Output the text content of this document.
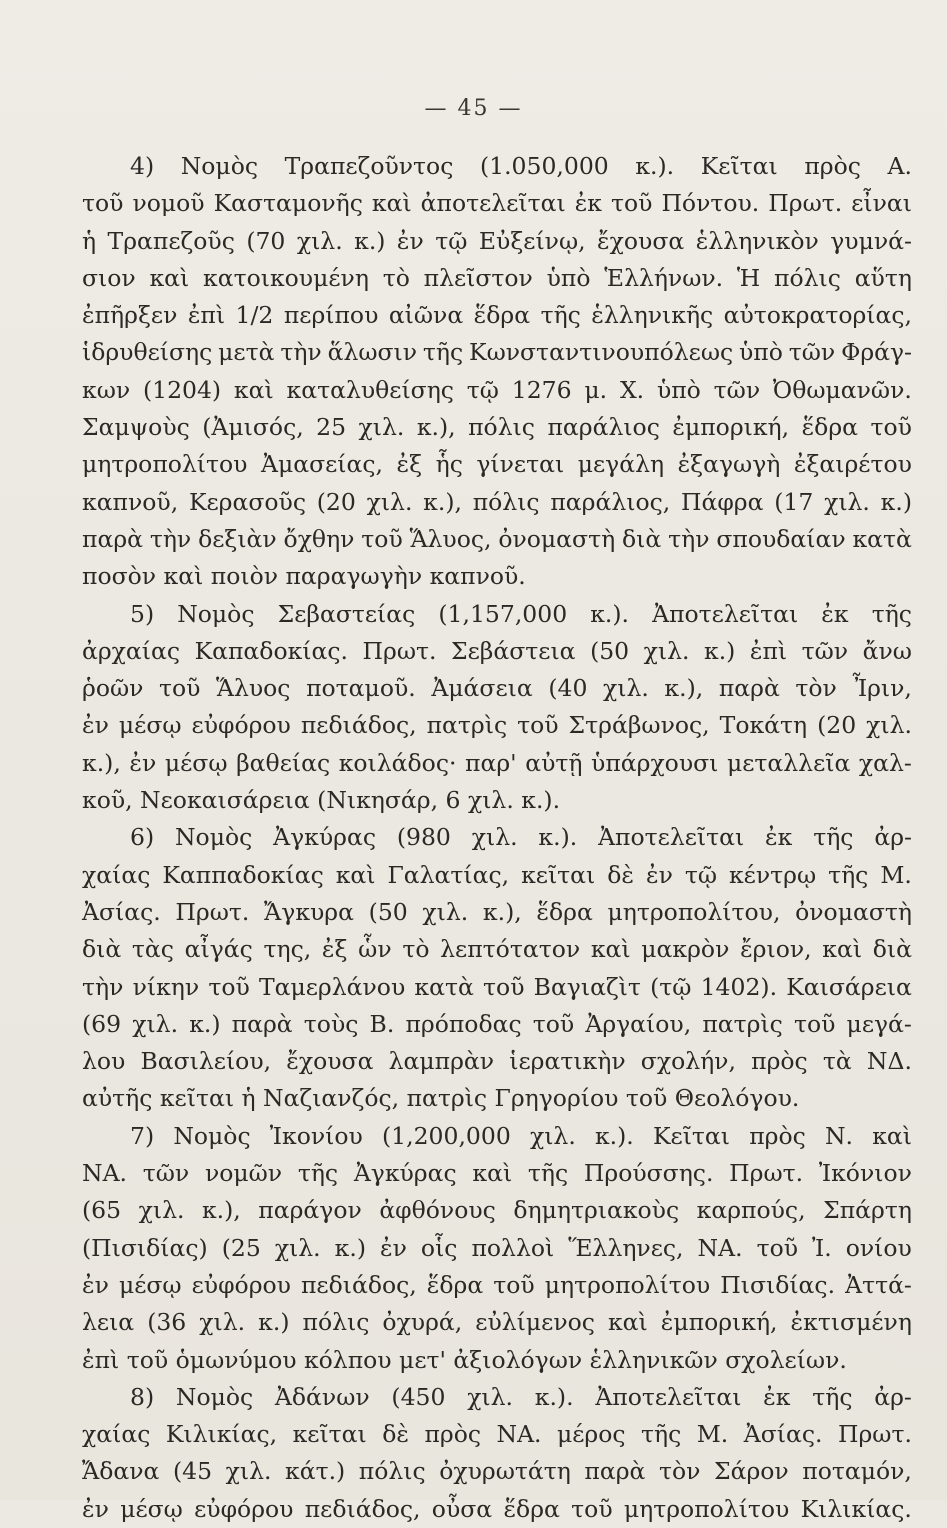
— 45 —
4) Νομὸς Τραπεζοῦντος (1.050,000 κ.). Κεῖται πρὸς Α.
τοῦ νομοῦ Κασταμονῆς καὶ ἀποτελεῖται ἐκ τοῦ Πόντου. Πρωτ. εἶναι
ἡ Τραπεζοῦς (70 χιλ. κ.) ἐν τῷ Εὐξείνῳ, ἔχουσα ἑλληνικὸν γυμνά-
σιον καὶ κατοικουμένη τὸ πλεῖστον ὑπὸ Ἑλλήνων. Ἡ πόλις αὕτη
ἐπῆρξεν ἐπὶ 1/2 περίπου αἰῶνα ἕδρα τῆς ἑλληνικῆς αὐτοκρατορίας,
ἱδρυθείσης μετὰ τὴν ἅλωσιν τῆς Κωνσταντινουπόλεως ὑπὸ τῶν Φράγ-
κων (1204) καὶ καταλυθείσης τῷ 1276 μ. Χ. ὑπὸ τῶν Ὀθωμανῶν.
Σαμψοὺς (Ἀμισός, 25 χιλ. κ.), πόλις παράλιος ἐμπορική, ἕδρα τοῦ
μητροπολίτου Ἀμασείας, ἐξ ἧς γίνεται μεγάλη ἐξαγωγὴ ἐξαιρέτου
καπνοῦ, Κερασοῦς (20 χιλ. κ.), πόλις παράλιος, Πάφρα (17 χιλ. κ.)
παρὰ τὴν δεξιὰν ὄχθην τοῦ Ἅλυος, ὀνομαστὴ διὰ τὴν σπουδαίαν κατὰ
ποσὸν καὶ ποιὸν παραγωγὴν καπνοῦ.
5) Νομὸς Σεβαστείας (1,157,000 κ.). Ἀποτελεῖται ἐκ τῆς
ἀρχαίας Καπαδοκίας. Πρωτ. Σεβάστεια (50 χιλ. κ.) ἐπὶ τῶν ἄνω
ῥοῶν τοῦ Ἅλυος ποταμοῦ. Ἀμάσεια (40 χιλ. κ.), παρὰ τὸν Ἶριν,
ἐν μέσῳ εὐφόρου πεδιάδος, πατρὶς τοῦ Στράβωνος, Τοκάτη (20 χιλ.
κ.), ἐν μέσῳ βαθείας κοιλάδος· παρ' αὐτῇ ὑπάρχουσι μεταλλεῖα χαλ-
κοῦ, Νεοκαισάρεια (Νικησάρ, 6 χιλ. κ.).
6) Νομὸς Ἀγκύρας (980 χιλ. κ.). Ἀποτελεῖται ἐκ τῆς ἀρ-
χαίας Καππαδοκίας καὶ Γαλατίας, κεῖται δὲ ἐν τῷ κέντρῳ τῆς Μ.
Ἀσίας. Πρωτ. Ἄγκυρα (50 χιλ. κ.), ἕδρα μητροπολίτου, ὀνομαστὴ
διὰ τὰς αἶγάς της, ἐξ ὧν τὸ λεπτότατον καὶ μακρὸν ἔριον, καὶ διὰ
τὴν νίκην τοῦ Ταμερλάνου κατὰ τοῦ Βαγιαζὶτ (τῷ 1402). Καισάρεια
(69 χιλ. κ.) παρὰ τοὺς Β. πρόποδας τοῦ Ἀργαίου, πατρὶς τοῦ μεγά-
λου Βασιλείου, ἔχουσα λαμπρὰν ἱερατικὴν σχολήν, πρὸς τὰ ΝΔ.
αὐτῆς κεῖται ἡ Ναζιανζός, πατρὶς Γρηγορίου τοῦ Θεολόγου.
7) Νομὸς Ἰκονίου (1,200,000 χιλ. κ.). Κεῖται πρὸς Ν. καὶ
ΝΑ. τῶν νομῶν τῆς Ἀγκύρας καὶ τῆς Προύσσης. Πρωτ. Ἰκόνιον
(65 χιλ. κ.), παράγον ἀφθόνους δημητριακοὺς καρπούς, Σπάρτη
(Πισιδίας) (25 χιλ. κ.) ἐν οἷς πολλοὶ Ἕλληνες, ΝΑ. τοῦ Ἰ. ονίου
ἐν μέσῳ εὐφόρου πεδιάδος, ἕδρα τοῦ μητροπολίτου Πισιδίας. Ἀττά-
λεια (36 χιλ. κ.) πόλις ὀχυρά, εὐλίμενος καὶ ἐμπορική, ἐκτισμένη
ἐπὶ τοῦ ὁμωνύμου κόλπου μετ' ἀξιολόγων ἑλληνικῶν σχολείων.
8) Νομὸς Ἀδάνων (450 χιλ. κ.). Ἀποτελεῖται ἐκ τῆς ἀρ-
χαίας Κιλικίας, κεῖται δὲ πρὸς ΝΑ. μέρος τῆς Μ. Ἀσίας. Πρωτ.
Ἄδανα (45 χιλ. κάτ.) πόλις ὀχυρωτάτη παρὰ τὸν Σάρον ποταμόν,
ἐν μέσῳ εὐφόρου πεδιάδος, οὖσα ἕδρα τοῦ μητροπολίτου Κιλικίας.
